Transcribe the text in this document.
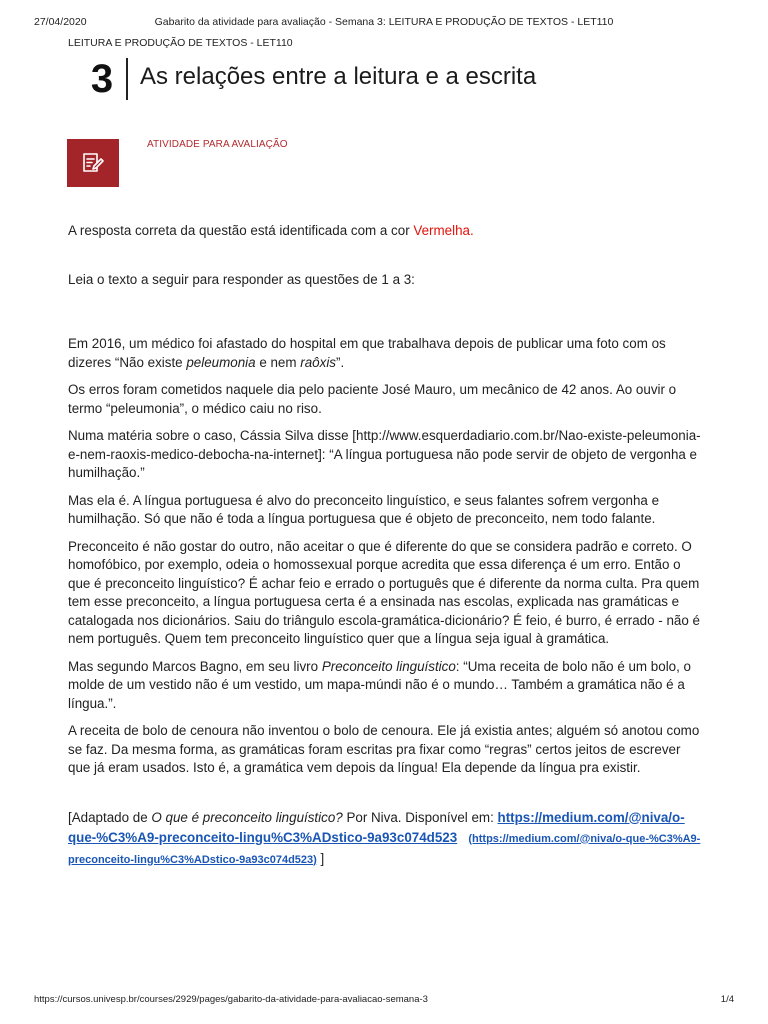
27/04/2020	Gabarito da atividade para avaliação - Semana 3: LEITURA E PRODUÇÃO DE TEXTOS - LET110
LEITURA E PRODUÇÃO DE TEXTOS - LET110
3 As relações entre a leitura e a escrita
ATIVIDADE PARA AVALIAÇÃO

A resposta correta da questão está identificada com a cor Vermelha.

Leia o texto a seguir para responder as questões de 1 a 3:

Em 2016, um médico foi afastado do hospital em que trabalhava depois de publicar uma foto com os dizeres “Não existe peleumonia e nem raôxis”.

Os erros foram cometidos naquele dia pelo paciente José Mauro, um mecânico de 42 anos. Ao ouvir o termo “peleumonia”, o médico caiu no riso.

Numa matéria sobre o caso, Cássia Silva disse [http://www.esquerdadiario.com.br/Nao-existe-peleumonia-e-nem-raoxis-medico-debocha-na-internet]: “A língua portuguesa não pode servir de objeto de vergonha e humilhação.”

Mas ela é. A língua portuguesa é alvo do preconceito linguístico, e seus falantes sofrem vergonha e humilhação. Só que não é toda a língua portuguesa que é objeto de preconceito, nem todo falante.

Preconceito é não gostar do outro, não aceitar o que é diferente do que se considera padrão e correto. O homofóbico, por exemplo, odeia o homossexual porque acredita que essa diferença é um erro. Então o que é preconceito linguístico? É achar feio e errado o português que é diferente da norma culta. Pra quem tem esse preconceito, a língua portuguesa certa é a ensinada nas escolas, explicada nas gramáticas e catalogada nos dicionários. Saiu do triângulo escola-gramática-dicionário? É feio, é burro, é errado - não é nem português. Quem tem preconceito linguístico quer que a língua seja igual à gramática.

Mas segundo Marcos Bagno, em seu livro Preconceito linguístico: “Uma receita de bolo não é um bolo, o molde de um vestido não é um vestido, um mapa-múndi não é o mundo… Também a gramática não é a língua.”.

A receita de bolo de cenoura não inventou o bolo de cenoura. Ele já existia antes; alguém só anotou como se faz. Da mesma forma, as gramáticas foram escritas pra fixar como “regras” certos jeitos de escrever que já eram usados. Isto é, a gramática vem depois da língua! Ela depende da língua pra existir.

[Adaptado de O que é preconceito linguístico? Por Niva. Disponível em: https://medium.com/@niva/o-que-%C3%A9-preconceito-lingu%C3%ADstico-9a93c074d523 (https://medium.com/@niva/o-que-%C3%A9-preconceito-lingu%C3%ADstico-9a93c074d523) ]

https://cursos.univesp.br/courses/2929/pages/gabarito-da-atividade-para-avaliacao-semana-3	1/4
